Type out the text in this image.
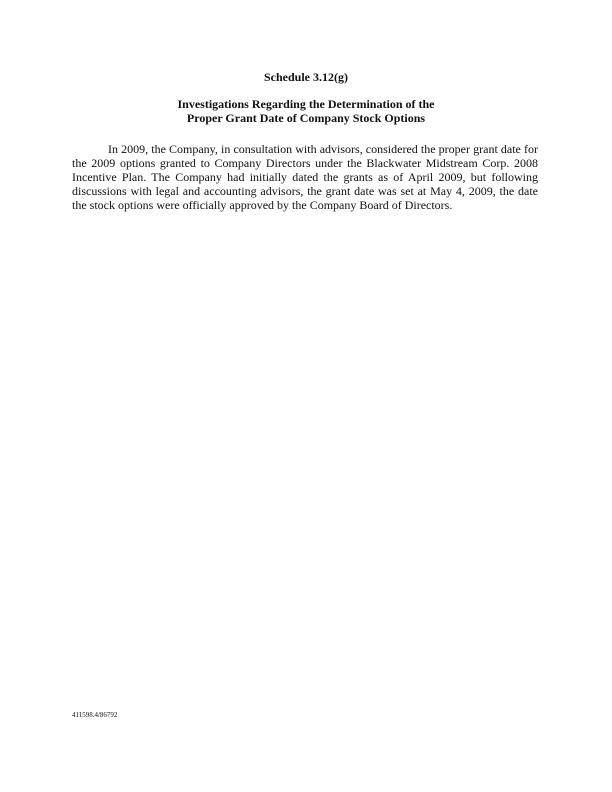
Schedule 3.12(g)

Investigations Regarding the Determination of the
Proper Grant Date of Company Stock Options

In 2009, the Company, in consultation with advisors, considered the proper grant date for the 2009 options granted to Company Directors under the Blackwater Midstream Corp. 2008 Incentive Plan. The Company had initially dated the grants as of April 2009, but following discussions with legal and accounting advisors, the grant date was set at May 4, 2009, the date the stock options were officially approved by the Company Board of Directors.

411598.4/86792
